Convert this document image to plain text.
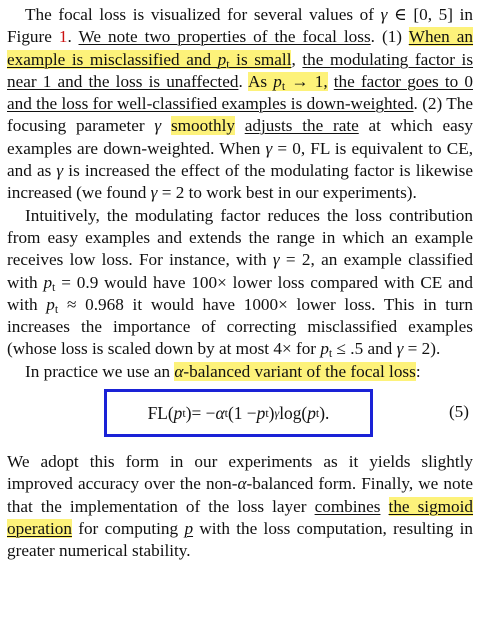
The focal loss is visualized for several values of γ ∈ [0, 5] in Figure 1. We note two properties of the focal loss. (1) When an example is misclassified and $p_t$ is small, the modulating factor is near 1 and the loss is unaffected. As $p_t \to 1$, the factor goes to 0 and the loss for well-classified examples is down-weighted. (2) The focusing parameter γ smoothly adjusts the rate at which easy examples are down-weighted. When γ = 0, FL is equivalent to CE, and as γ is increased the effect of the modulating factor is likewise increased (we found γ = 2 to work best in our experiments).

Intuitively, the modulating factor reduces the loss contribution from easy examples and extends the range in which an example receives low loss. For instance, with γ = 2, an example classified with $p_t = 0.9$ would have 100× lower loss compared with CE and with $p_t \approx 0.968$ it would have 1000× lower loss. This in turn increases the importance of correcting misclassified examples (whose loss is scaled down by at most 4× for $p_t \le .5$ and γ = 2).

In practice we use an α-balanced variant of the focal loss:

FL ( p t ) = − α t (1 − p t ) γ log( p t ).	(5)

We adopt this form in our experiments as it yields slightly improved accuracy over the non-α-balanced form. Finally, we note that the implementation of the loss layer combines the sigmoid operation for computing p with the loss computation, resulting in greater numerical stability.
